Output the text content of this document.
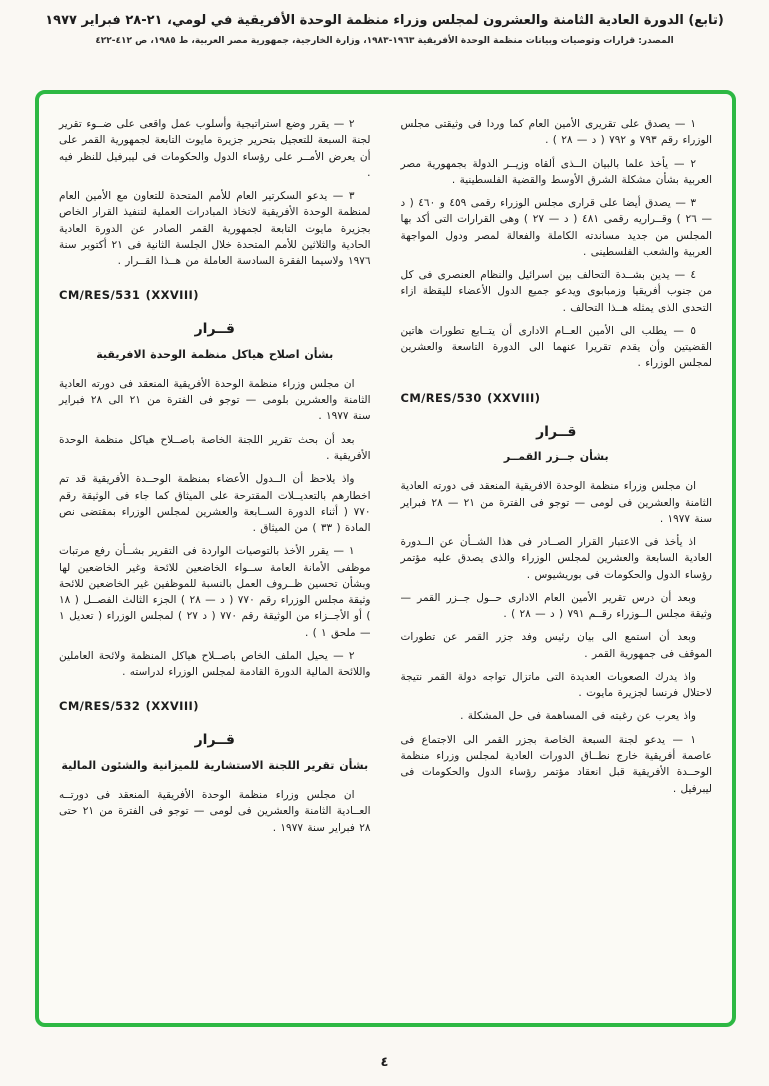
(تابع) الدورة العادية الثامنة والعشرون لمجلس وزراء منظمة الوحدة الأفريقية في لومي، ٢١-٢٨ فبراير ١٩٧٧
المصدر: قرارات وتوصيات وبيانات منظمة الوحدة الأفريقية ١٩٦٣-١٩٨٣، وزارة الخارجية، جمهورية مصر العربية، ط ١٩٨٥، ص ٤١٢-٤٢٢
١ — يصدق على تقريرى الأمين العام كما وردا فى وثيقتى مجلس الوزراء رقم ٧٩٣ و ٧٩٢ ( د — ٢٨ ) .
٢ — يأخذ علما بالبيان الــذى ألقاه وزيــر الدولة بجمهورية مصر العربية بشأن مشكلة الشرق الأوسط والقضية الفلسطينية .
٣ — يصدق أيضا على قرارى مجلس الوزراء رقمى ٤٥٩ و ٤٦٠ ( د — ٢٦ ) وقــراريه رقمى ٤٨١ ( د — ٢٧ ) وهى القرارات التى أكد بها المجلس من جديد مساندته الكاملة والفعالة لمصر ودول المواجهة العربية والشعب الفلسطينى .
٤ — يدين بشــدة التحالف بين اسرائيل والنظام العنصرى فى كل من جنوب أفريقيا وزمبابوى ويدعو جميع الدول الأعضاء لليقظة ازاء التحدى الذى يمثله هــذا التحالف .
٥ — يطلب الى الأمين العــام الادارى أن يتــابع تطورات هاتين القضيتين وأن يقدم تقريرا عنهما الى الدورة التاسعة والعشرين لمجلس الوزراء .
CM/RES/530 (XXVIII)
قــرار
بشأن جــزر القمــر
ان مجلس وزراء منظمة الوحدة الافريقية المنعقد فى دورته العادية الثامنة والعشرين فى لومى — توجو فى الفترة من ٢١ — ٢٨ فبراير سنة ١٩٧٧ .
اذ يأخذ فى الاعتبار القرار الصــادر فى هذا الشــأن عن الــدورة العادية السابعة والعشرين لمجلس الوزراء والذى يصدق عليه مؤتمر رؤساء الدول والحكومات فى بوريشيوس .
وبعد أن درس تقرير الأمين العام الادارى حــول جــزر القمر — وثيقة مجلس الــوزراء رقــم ٧٩١ ( د — ٢٨ ) .
وبعد أن استمع الى بيان رئيس وفد جزر القمر عن تطورات الموقف فى جمهورية القمر .
واذ يدرك الصعوبات العديدة التى ماتزال تواجه دولة القمر نتيجة لاحتلال فرنسا لجزيرة مايوت .
واذ يعرب عن رغبته فى المساهمة فى حل المشكلة .
١ — يدعو لجنة السبعة الخاصة بجزر القمر الى الاجتماع فى عاصمة أفريقية خارج نطــاق الدورات العادية لمجلس وزراء منظمة الوحــدة الأفريقية قبل انعقاد مؤتمر رؤساء الدول والحكومات فى ليبرفيل .
٢ — يقرر وضع استراتيجية وأسلوب عمل واقعى على ضــوء تقرير لجنة السبعة للتعجيل بتحرير جزيرة مايوت التابعة لجمهورية القمر على أن يعرض الأمــر على رؤساء الدول والحكومات فى ليبرفيل للنظر فيه .
٣ — يدعو السكرتير العام للأمم المتحدة للتعاون مع الأمين العام لمنظمة الوحدة الأفريقية لاتخاذ المبادرات العملية لتنفيذ القرار الخاص بجزيرة مايوت التابعة لجمهورية القمر الصادر عن الدورة العادية الحادية والثلاثين للأمم المتحدة خلال الجلسة الثانية فى ٢١ أكتوبر سنة ١٩٧٦ ولاسيما الفقرة السادسة العاملة من هــذا القــرار .
CM/RES/531 (XXVIII)
قــرار
بشأن اصلاح هياكل منظمة الوحدة الافريقية
ان مجلس وزراء منظمة الوحدة الأفريقية المنعقد فى دورته العادية الثامنة والعشرين بلومى — توجو فى الفترة من ٢١ الى ٢٨ فبراير سنة ١٩٧٧ .
بعد أن بحث تقرير اللجنة الخاصة باصــلاح هياكل منظمة الوحدة الأفريقية .
واذ يلاحظ أن الــدول الأعضاء بمنظمة الوحــدة الأفريقية قد تم اخطارهم بالتعديــلات المقترحة على الميثاق كما جاء فى الوثيقة رقم ٧٧٠ ( أثناء الدورة الســابعة والعشرين لمجلس الوزراء بمقتضى نص المادة ( ٣٣ ) من الميثاق .
١ — يقرر الأخذ بالتوصيات الواردة فى التقرير بشــأن رفع مرتبات موظفى الأمانة العامة ســواء الخاضعين للائحة وغير الخاضعين لها وبشأن تحسين ظــروف العمل بالنسبة للموظفين غير الخاضعين للائحة وثيقة مجلس الوزراء رقم ٧٧٠ ( د — ٢٨ ) الجزء الثالث الفصــل ( ١٨ ) أو الأجــزاء من الوثيقة رقم ٧٧٠ ( د ٢٧ ) لمجلس الوزراء ( تعديل ١ — ملحق ١ ) .
٢ — يحيل الملف الخاص باصــلاح هياكل المنظمة ولائحة العاملين واللائحة المالية الدورة القادمة لمجلس الوزراء لدراسته .
CM/RES/532 (XXVIII)
قــرار
بشأن تقرير اللجنة الاستشارية للميزانية والشئون المالية
ان مجلس وزراء منظمة الوحدة الأفريقية المنعقد فى دورتــه العــادية الثامنة والعشرين فى لومى — توجو فى الفترة من ٢١ حتى ٢٨ فبراير سنة ١٩٧٧ .
٤
